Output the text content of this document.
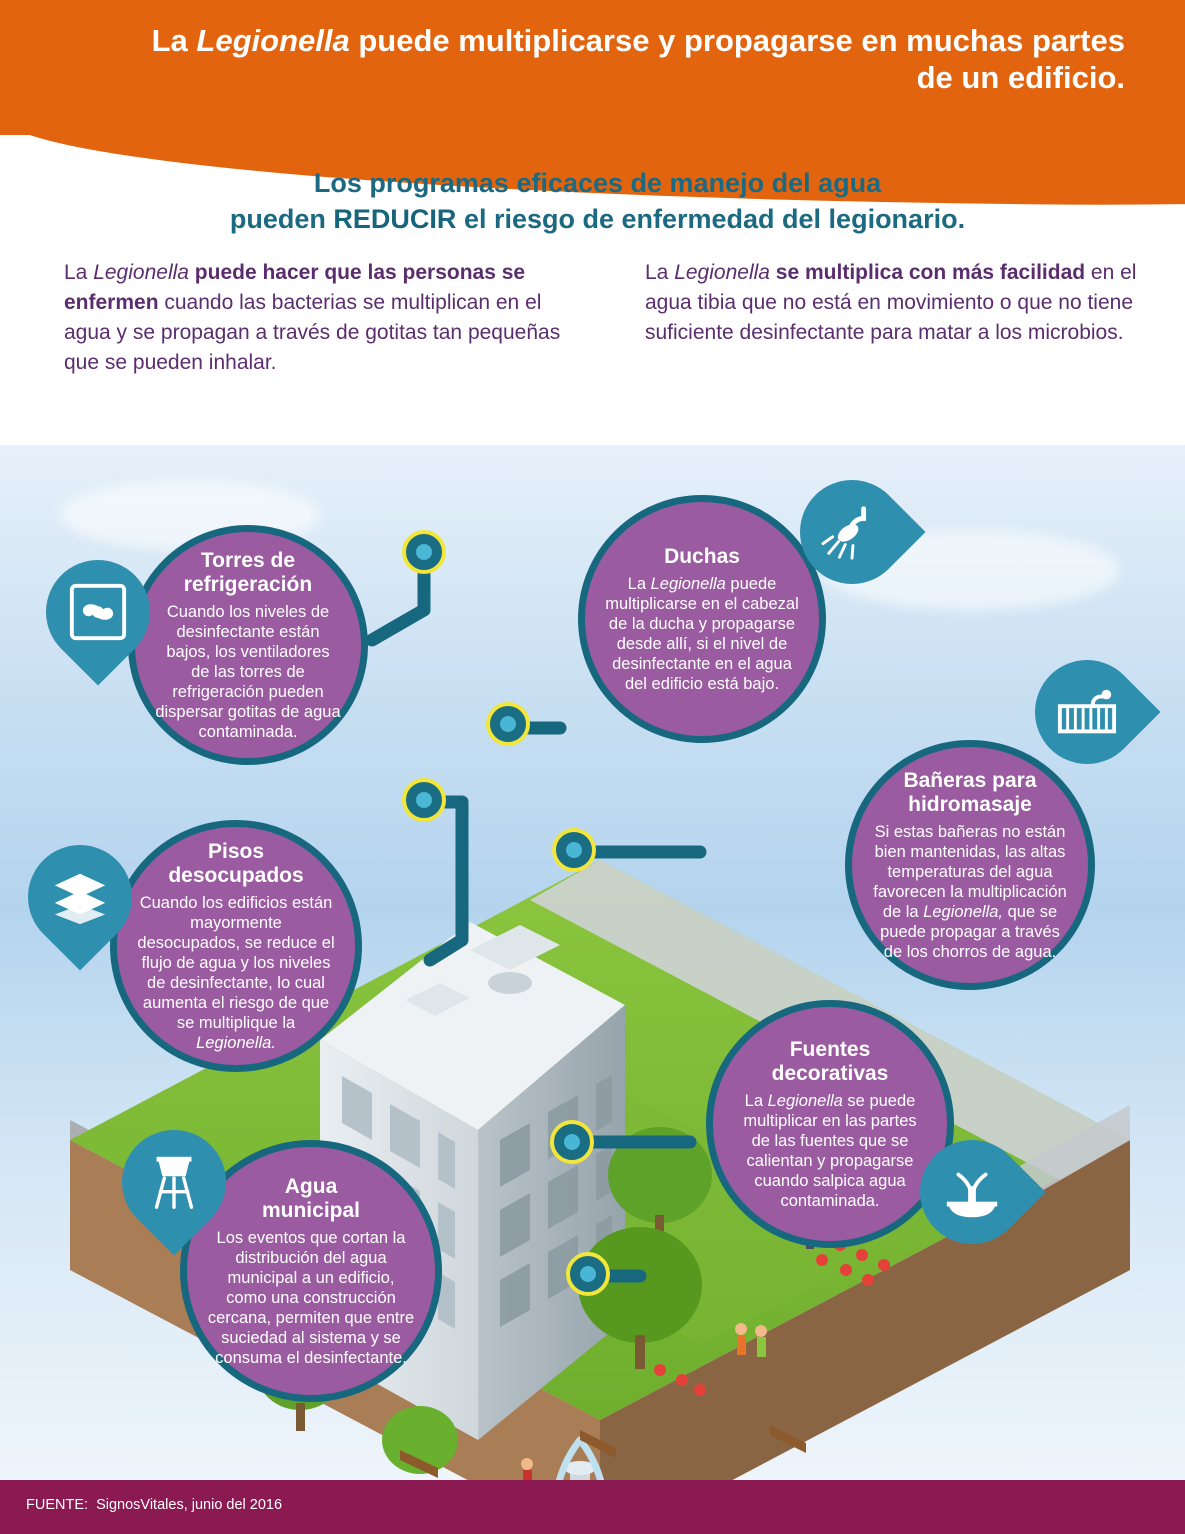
La Legionella puede multiplicarse y propagarse en muchas partes
de un edificio.
Los programas eficaces de manejo del agua
pueden REDUCIR el riesgo de enfermedad del legionario.
La Legionella puede hacer que las personas se enfermen cuando las bacterias se multiplican en el agua y se propagan a través de gotitas tan pequeñas que se pueden inhalar.
La Legionella se multiplica con más facilidad en el agua tibia que no está en movimiento o que no tiene suficiente desinfectante para matar a los microbios.
Torres de
refrigeración

Cuando los niveles de desinfectante están bajos, los ventiladores de las torres de refrigeración pueden dispersar gotitas de agua contaminada.

Duchas

La Legionella puede multiplicarse en el cabezal de la ducha y propagarse desde allí, si el nivel de desinfectante en el agua del edificio está bajo.

Bañeras para
hidromasaje

Si estas bañeras no están bien mantenidas, las altas temperaturas del agua favorecen la multiplicación de la Legionella, que se puede propagar a través de los chorros de agua.

Pisos
desocupados

Cuando los edificios están mayormente desocupados, se reduce el flujo de agua y los niveles de desinfectante, lo cual aumenta el riesgo de que se multiplique la Legionella.	Fuentes
decorativas

La Legionella se puede multiplicar en las partes de las fuentes que se calientan y propagarse cuando salpica agua contaminada.

Agua
municipal

Los eventos que cortan la distribución del agua municipal a un edificio, como una construcción cercana, permiten que entre suciedad al sistema y se consuma el desinfectante.

FUENTE: SignosVitales, junio del 2016
